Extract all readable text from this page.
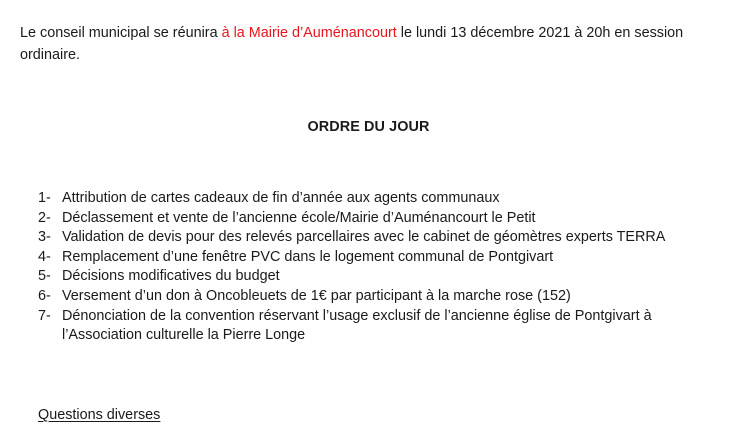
Le conseil municipal se réunira à la Mairie d’Auménancourt le lundi 13 décembre 2021 à 20h en session ordinaire.

ORDRE DU JOUR
1- Attribution de cartes cadeaux de fin d’année aux agents communaux
2- Déclassement et vente de l’ancienne école/Mairie d’Auménancourt le Petit
3- Validation de devis pour des relevés parcellaires avec le cabinet de géomètres experts TERRA
4- Remplacement d’une fenêtre PVC dans le logement communal de Pontgivart
5- Décisions modificatives du budget
6- Versement d’un don à Oncobleuets de 1€ par participant à la marche rose (152)
7- Dénonciation de la convention réservant l’usage exclusif de l’ancienne église de Pontgivart à l’Association culturelle la Pierre Longe

Questions diverses
